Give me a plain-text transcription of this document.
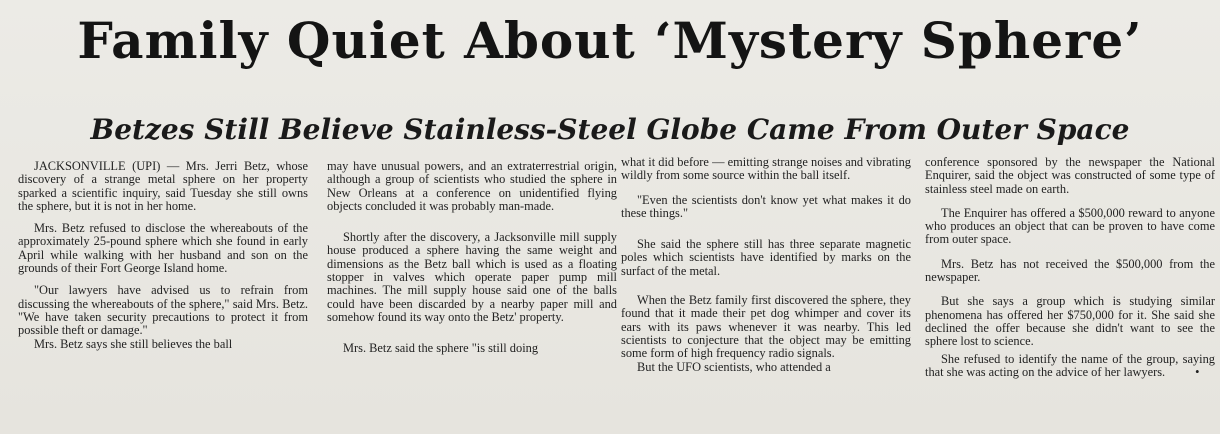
Family Quiet About ‘Mystery Sphere’
Betzes Still Believe Stainless-Steel Globe Came From Outer Space

JACKSONVILLE (UPI) — Mrs. Jerri Betz, whose discovery of a strange metal sphere on her property sparked a scientific inquiry, said Tuesday she still owns the sphere, but it is not in her home.

Mrs. Betz refused to disclose the whereabouts of the approximately 25-pound sphere which she found in early April while walking with her husband and son on the grounds of their Fort George Island home.

"Our lawyers have advised us to refrain from discussing the whereabouts of the sphere," said Mrs. Betz. "We have taken security precautions to protect it from possible theft or damage."

Mrs. Betz says she still believes the ball

may have unusual powers, and an extraterrestrial origin, although a group of scientists who studied the sphere in New Orleans at a conference on unidentified flying objects concluded it was probably man-made.

Shortly after the discovery, a Jacksonville mill supply house produced a sphere having the same weight and dimensions as the Betz ball which is used as a floating stopper in valves which operate paper pump mill machines. The mill supply house said one of the balls could have been discarded by a nearby paper mill and somehow found its way onto the Betz' property.

Mrs. Betz said the sphere "is still doing

what it did before — emitting strange noises and vibrating wildly from some source within the ball itself.

"Even the scientists don't know yet what makes it do these things."

She said the sphere still has three separate magnetic poles which scientists have identified by marks on the surfact of the metal.

When the Betz family first discovered the sphere, they found that it made their pet dog whimper and cover its ears with its paws whenever it was nearby. This led scientists to conjecture that the object may be emitting some form of high frequency radio signals.

But the UFO scientists, who attended a

conference sponsored by the newspaper the National Enquirer, said the object was constructed of some type of stainless steel made on earth.

The Enquirer has offered a $500,000 reward to anyone who produces an object that can be proven to have come from outer space.

Mrs. Betz has not received the $500,000 from the newspaper.

But she says a group which is studying similar phenomena has offered her $750,000 for it. She said she declined the offer because she didn't want to see the sphere lost to science.

She refused to identify the name of the group, saying that she was acting on the advice of her lawyers. •
